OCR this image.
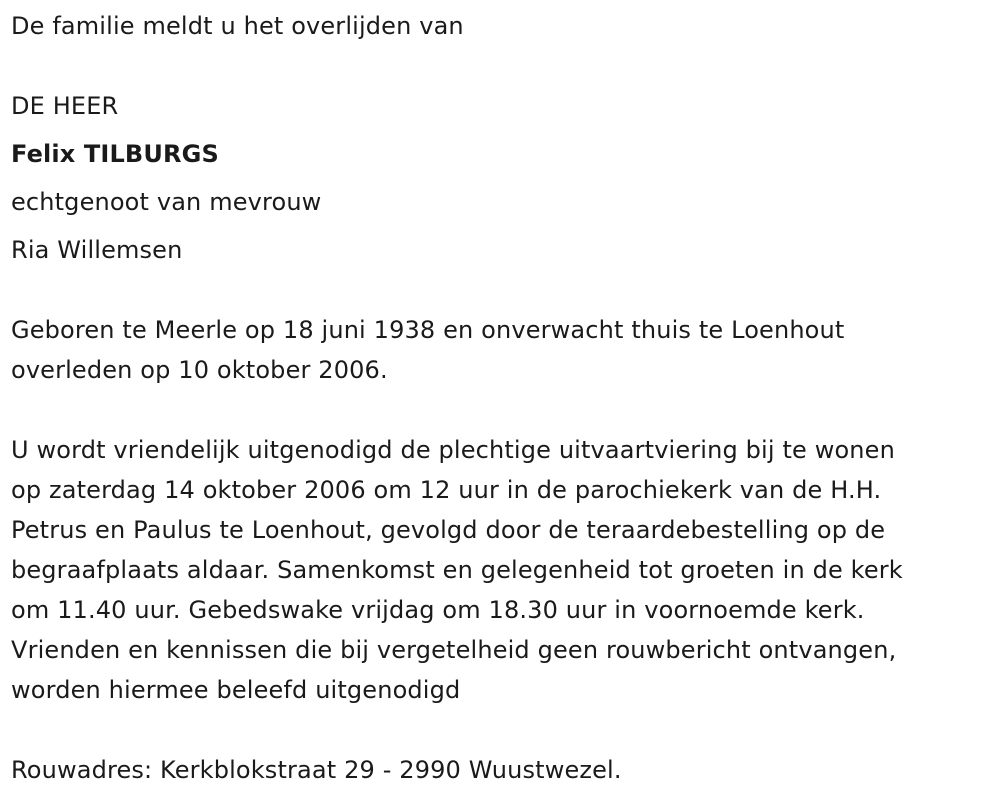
De familie meldt u het overlijden van
DE HEER
Felix TILBURGS
echtgenoot van mevrouw
Ria Willemsen
Geboren te Meerle op 18 juni 1938 en onverwacht thuis te Loenhout
overleden op 10 oktober 2006.
U wordt vriendelijk uitgenodigd de plechtige uitvaartviering bij te wonen
op zaterdag 14 oktober 2006 om 12 uur in de parochiekerk van de H.H.
Petrus en Paulus te Loenhout, gevolgd door de teraardebestelling op de
begraafplaats aldaar. Samenkomst en gelegenheid tot groeten in de kerk
om 11.40 uur. Gebedswake vrijdag om 18.30 uur in voornoemde kerk.
Vrienden en kennissen die bij vergetelheid geen rouwbericht ontvangen,
worden hiermee beleefd uitgenodigd
Rouwadres: Kerkblokstraat 29 - 2990 Wuustwezel.
